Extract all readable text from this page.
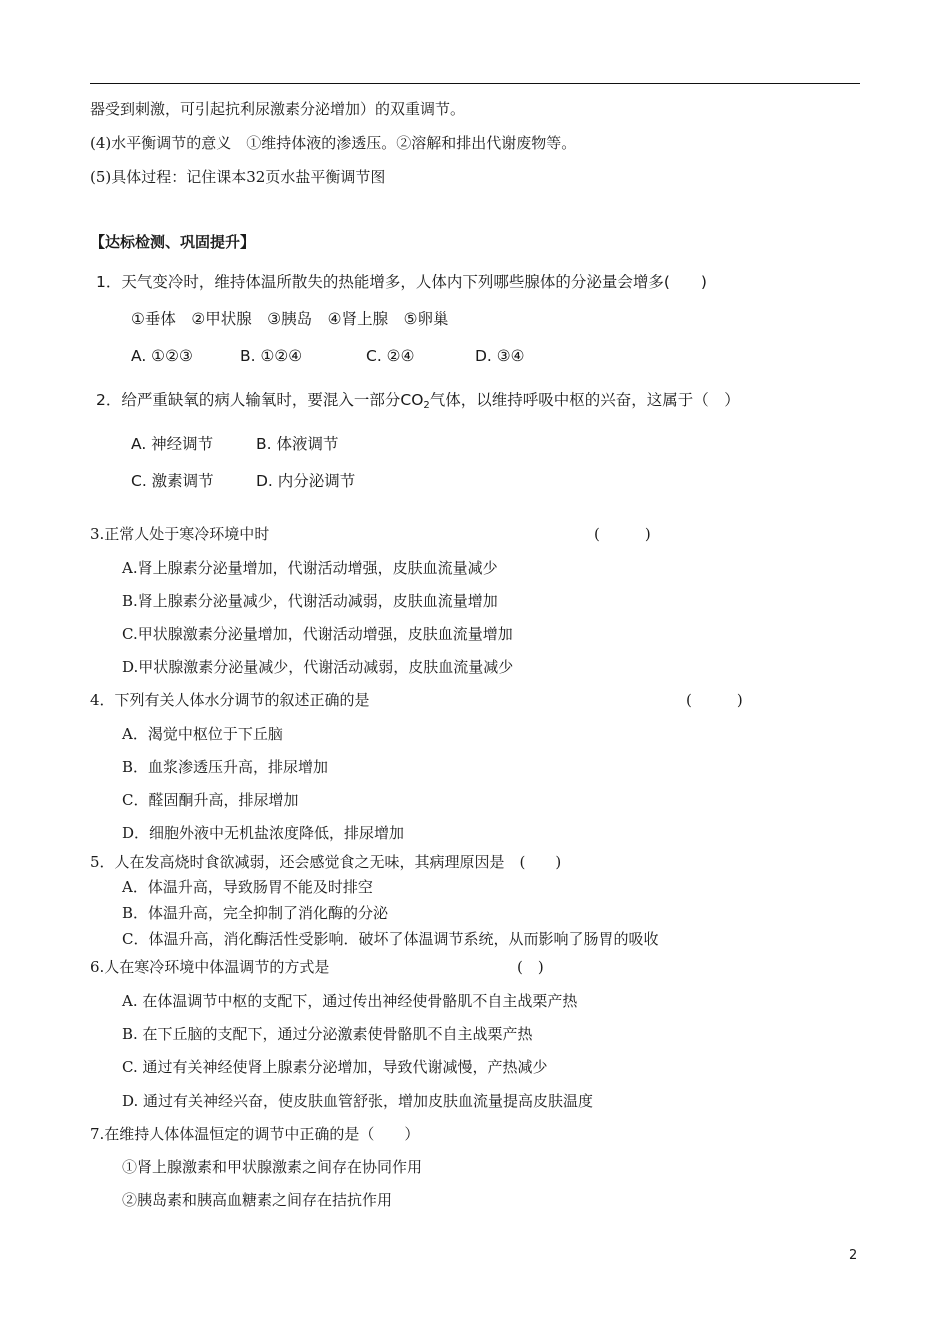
器受到刺激，可引起抗利尿激素分泌增加）的双重调节。
(4)水平衡调节的意义　①维持体液的渗透压。②溶解和排出代谢废物等。
(5)具体过程：记住课本32页水盐平衡调节图
【达标检测、巩固提升】
1．天气变冷时，维持体温所散失的热能增多，人体内下列哪些腺体的分泌量会增多(　　)
①垂体　②甲状腺　③胰岛　④肾上腺　⑤卵巢
A. ①②③	B. ①②④	C. ②④	D. ③④
2．给严重缺氧的病人输氧时，要混入一部分$CO_2$气体，以维持呼吸中枢的兴奋，这属于（　）
A. 神经调节	B. 体液调节
C. 激素调节	D. 内分泌调节
3.正常人处于寒冷环境中时	(　　　)
A.肾上腺素分泌量增加，代谢活动增强，皮肤血流量减少
B.肾上腺素分泌量减少，代谢活动减弱，皮肤血流量增加
C.甲状腺激素分泌量增加，代谢活动增强，皮肤血流量增加
D.甲状腺激素分泌量减少，代谢活动减弱，皮肤血流量减少
4．下列有关人体水分调节的叙述正确的是	(　　　)
A．渴觉中枢位于下丘脑
B．血浆渗透压升高，排尿增加
C．醛固酮升高，排尿增加
D．细胞外液中无机盐浓度降低，排尿增加
5．人在发高烧时食欲减弱，还会感觉食之无味，其病理原因是　(　　)
A．体温升高，导致肠胃不能及时排空
B．体温升高，完全抑制了消化酶的分泌
C．体温升高，消化酶活性受影响．破坏了体温调节系统，从而影响了肠胃的吸收
6.人在寒冷环境中体温调节的方式是	(　)
A. 在体温调节中枢的支配下，通过传出神经使骨骼肌不自主战栗产热
B. 在下丘脑的支配下，通过分泌激素使骨骼肌不自主战栗产热
C. 通过有关神经使肾上腺素分泌增加，导致代谢减慢，产热减少
D. 通过有关神经兴奋，使皮肤血管舒张，增加皮肤血流量提高皮肤温度
7.在维持人体体温恒定的调节中正确的是（　　）
①肾上腺激素和甲状腺激素之间存在协同作用
②胰岛素和胰高血糖素之间存在拮抗作用
2
